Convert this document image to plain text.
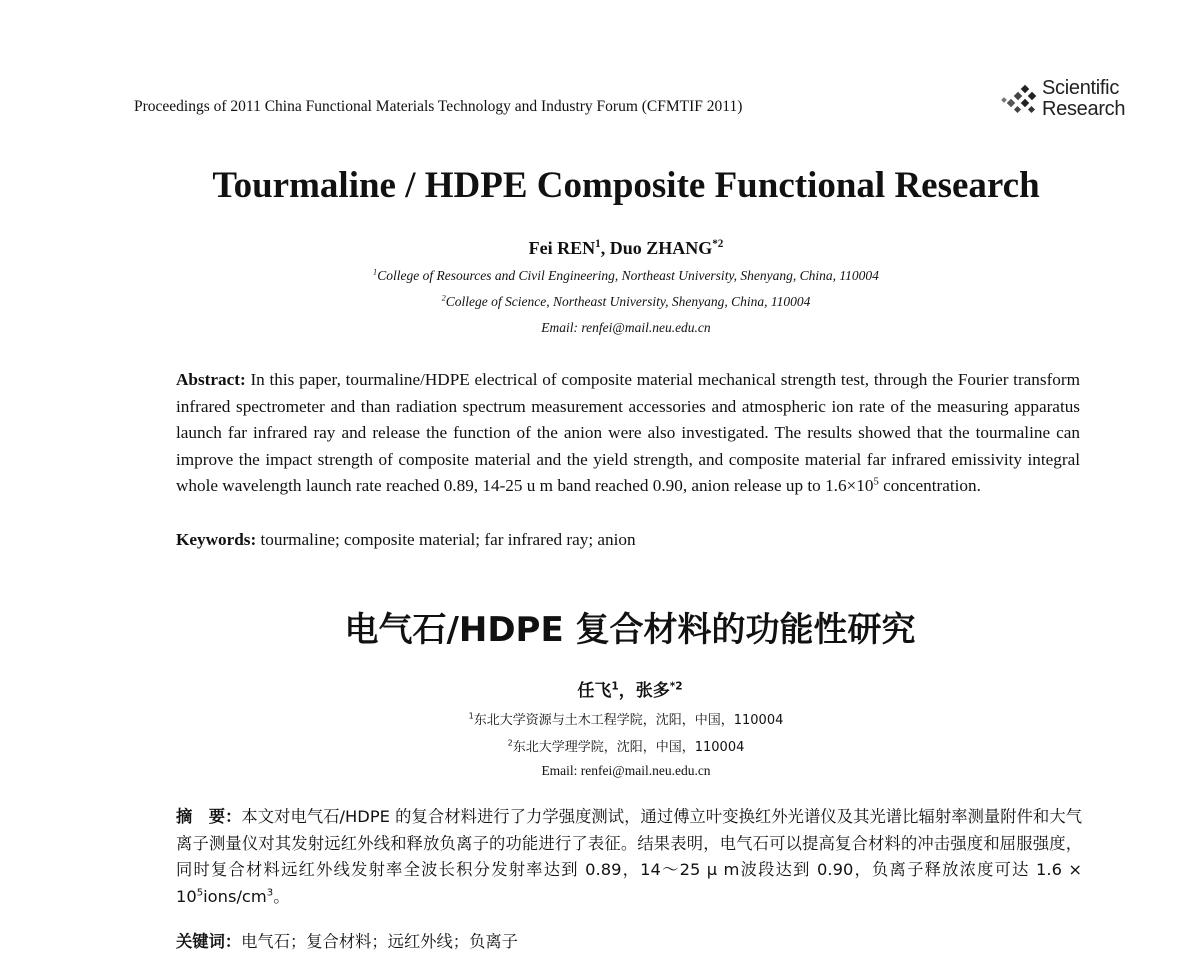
Proceedings of 2011 China Functional Materials Technology and Industry Forum (CFMTIF 2011)
Scientific
Research
Tourmaline / HDPE Composite Functional Research
Fei REN$^1$, Duo ZHANG$^{*2}$
$^1$College of Resources and Civil Engineering, Northeast University, Shenyang, China, 110004
$^2$College of Science, Northeast University, Shenyang, China, 110004
Email: renfei@mail.neu.edu.cn
Abstract: In this paper, tourmaline/HDPE electrical of composite material mechanical strength test, through the Fourier transform infrared spectrometer and than radiation spectrum measurement accessories and atmospheric ion rate of the measuring apparatus launch far infrared ray and release the function of the anion were also investigated. The results showed that the tourmaline can improve the impact strength of composite material and the yield strength, and composite material far infrared emissivity integral whole wavelength launch rate reached 0.89, 14-25 u m band reached 0.90, anion release up to $1.6\times 10^5$ concentration.
Keywords: tourmaline; composite material; far infrared ray; anion
电气石/HDPE 复合材料的功能性研究
任飞$^1$，张多$^{*2}$
$^1$东北大学资源与土木工程学院，沈阳，中国，110004
$^2$东北大学理学院，沈阳，中国，110004
Email: renfei@mail.neu.edu.cn
摘　要：本文对电气石/HDPE 的复合材料进行了力学强度测试，通过傅立叶变换红外光谱仪及其光谱比辐射率测量附件和大气离子测量仪对其发射远红外线和释放负离子的功能进行了表征。结果表明，电气石可以提高复合材料的冲击强度和屈服强度，同时复合材料远红外线发射率全波长积分发射率达到 0.89，14～25 μ m波段达到 0.90，负离子释放浓度可达 $1.6 \times 10^5ions/cm^3$。
关键词：电气石；复合材料；远红外线；负离子
